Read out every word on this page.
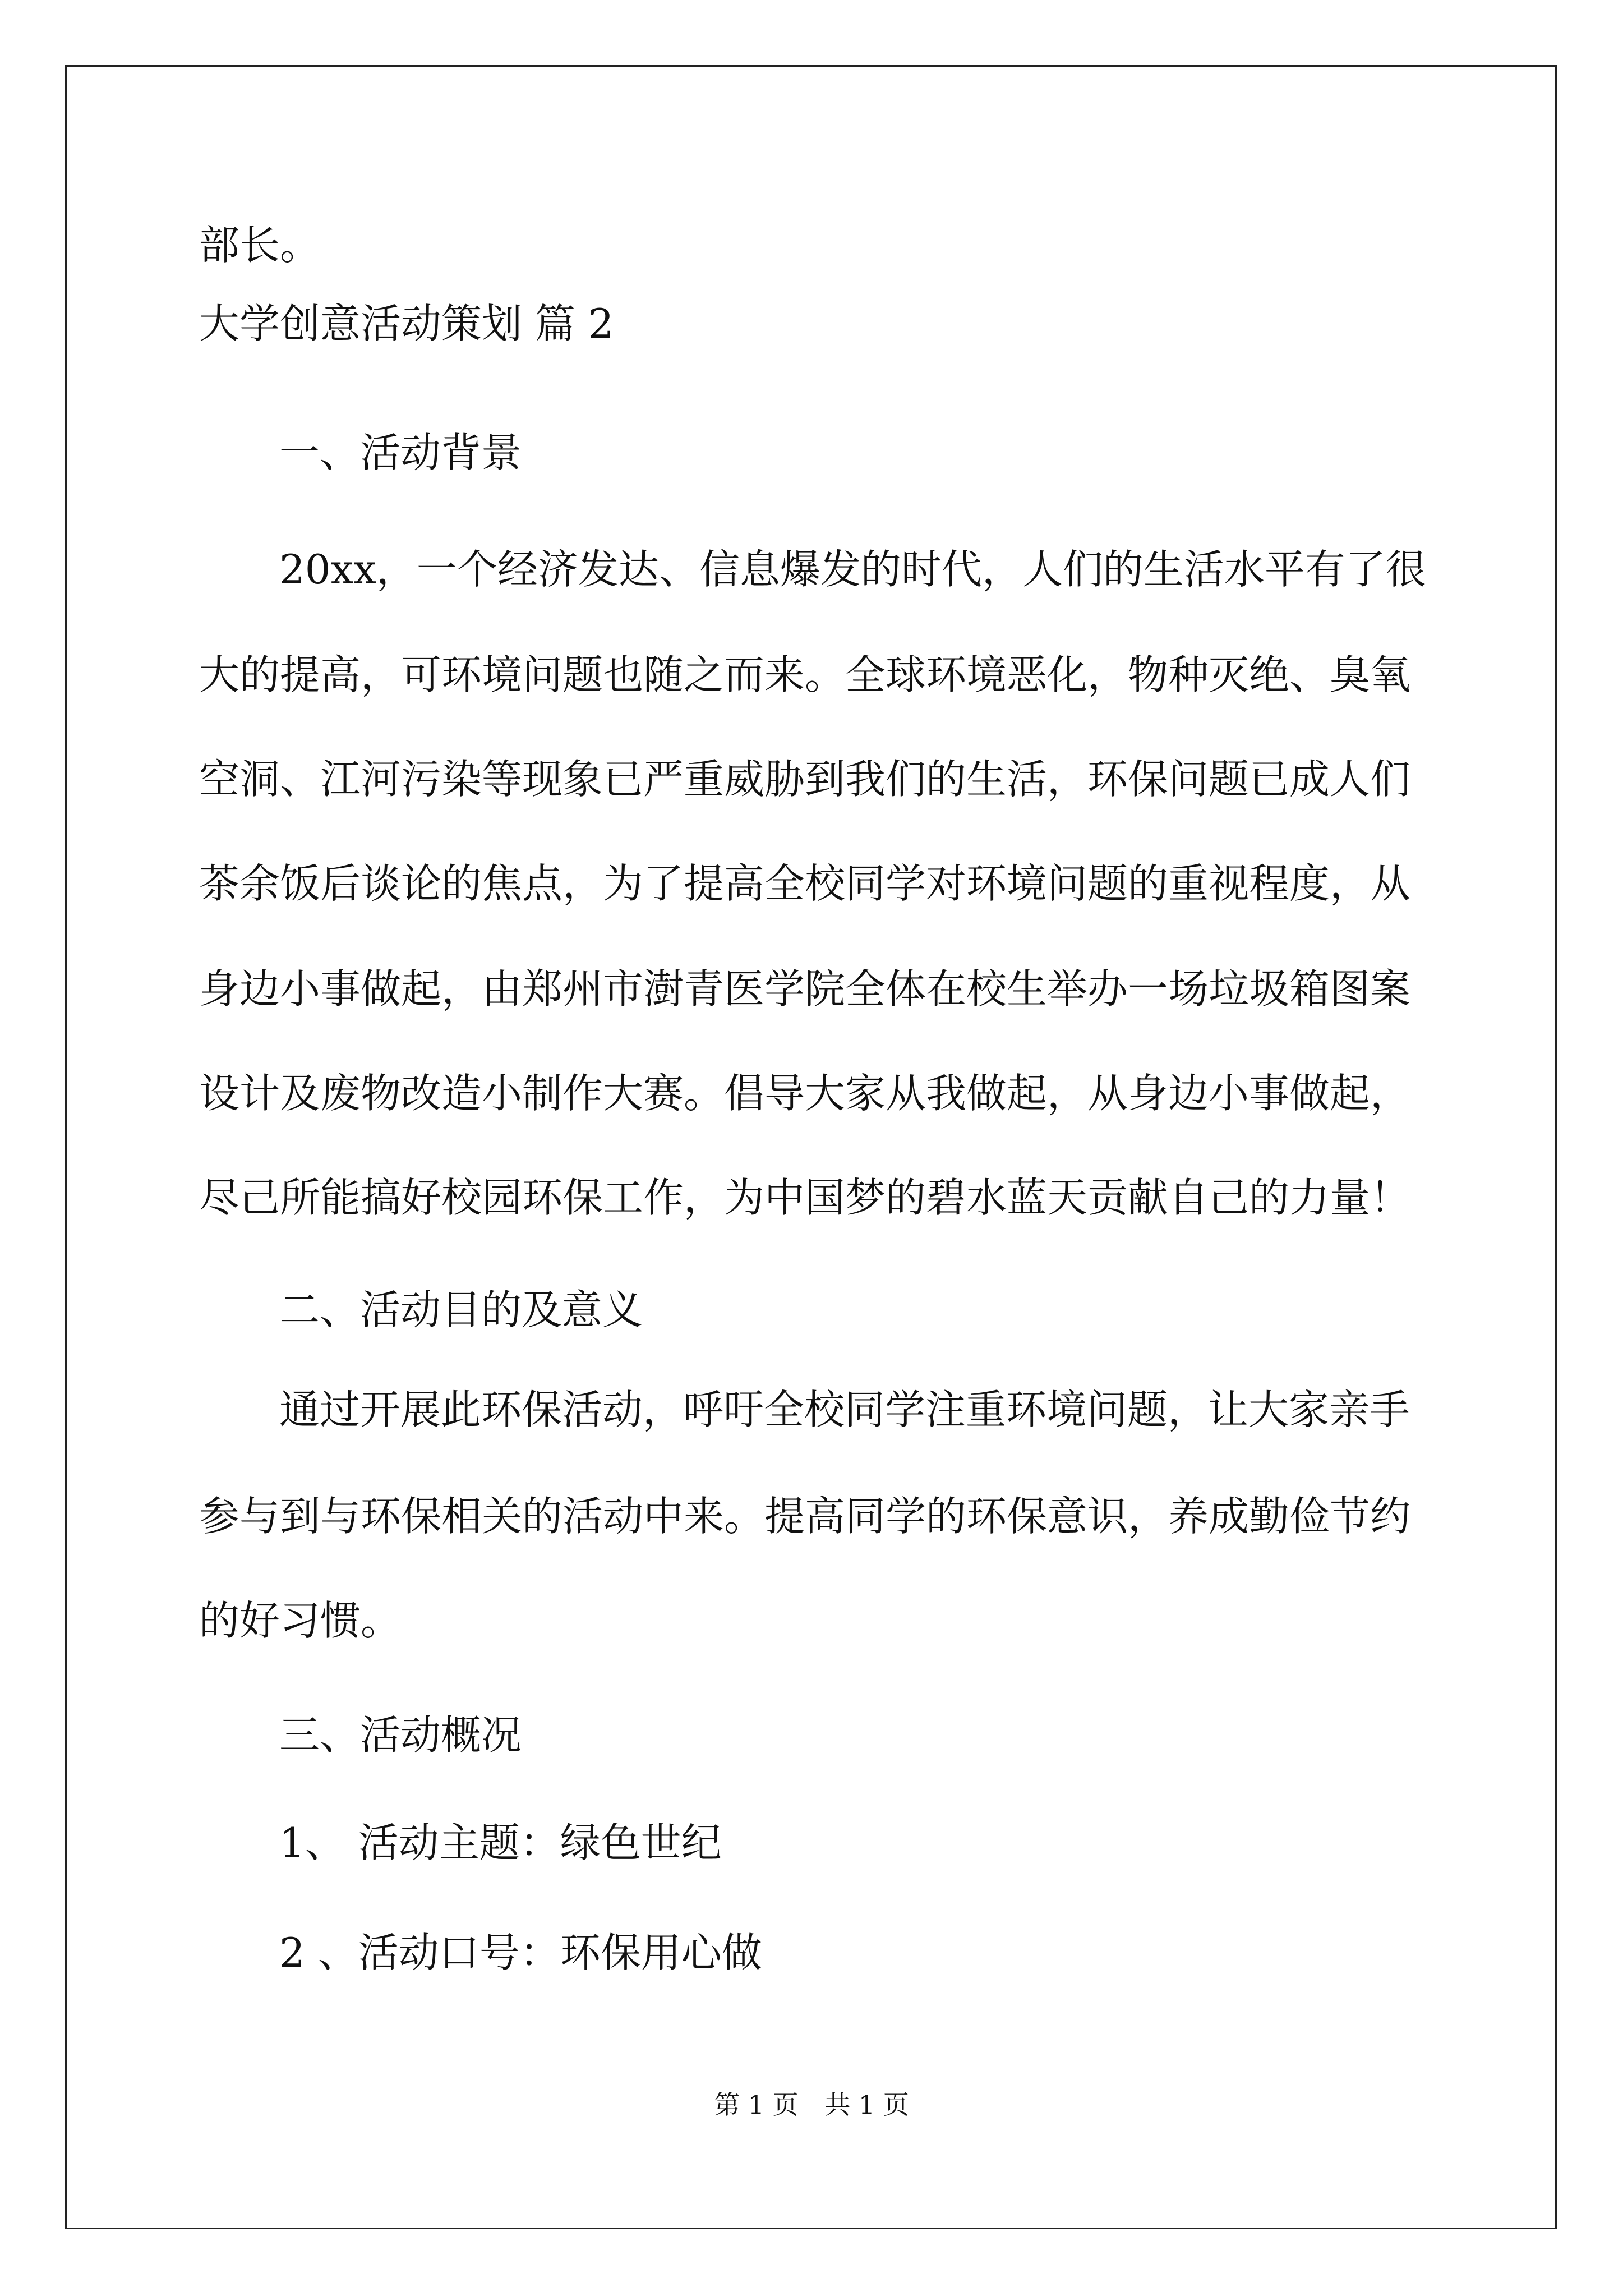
部长。
大学创意活动策划 篇 2
一、活动背景
20xx，一个经济发达、信息爆发的时代，人们的生活水平有了很
大的提高，可环境问题也随之而来。全球环境恶化，物种灭绝、臭氧
空洞、江河污染等现象已严重威胁到我们的生活，环保问题已成人们
茶余饭后谈论的焦点，为了提高全校同学对环境问题的重视程度，从
身边小事做起，由郑州市澍青医学院全体在校生举办一场垃圾箱图案
设计及废物改造小制作大赛。倡导大家从我做起，从身边小事做起，
尽己所能搞好校园环保工作，为中国梦的碧水蓝天贡献自己的力量！
二、活动目的及意义
通过开展此环保活动，呼吁全校同学注重环境问题，让大家亲手
参与到与环保相关的活动中来。提高同学的环保意识，养成勤俭节约
的好习惯。
三、活动概况
1、 活动主题：绿色世纪
2 、活动口号：环保用心做
第 1 页 共 1 页
